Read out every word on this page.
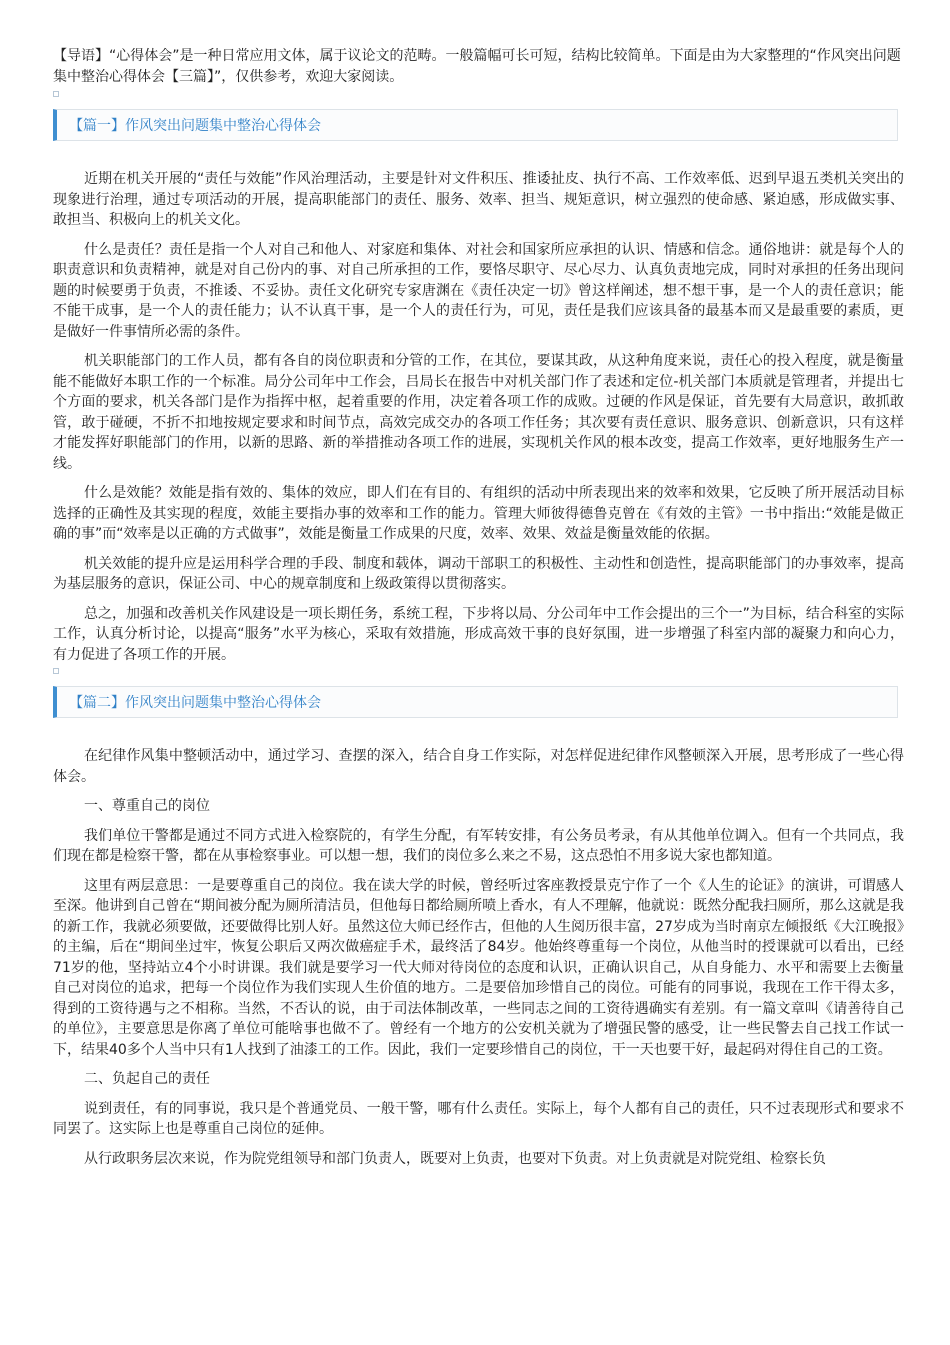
【导语】“心得体会”是一种日常应用文体，属于议论文的范畴。一般篇幅可长可短，结构比较简单。下面是由为大家整理的“作风突出问题集中整治心得体会【三篇】”，仅供参考，欢迎大家阅读。

【篇一】作风突出问题集中整治心得体会

近期在机关开展的“责任与效能”作风治理活动，主要是针对文件积压、推诿扯皮、执行不高、工作效率低、迟到早退五类机关突出的现象进行治理，通过专项活动的开展，提高职能部门的责任、服务、效率、担当、规矩意识，树立强烈的使命感、紧迫感，形成做实事、敢担当、积极向上的机关文化。

什么是责任？责任是指一个人对自己和他人、对家庭和集体、对社会和国家所应承担的认识、情感和信念。通俗地讲：就是每个人的职责意识和负责精神，就是对自己份内的事、对自己所承担的工作，要恪尽职守、尽心尽力、认真负责地完成，同时对承担的任务出现问题的时候要勇于负责，不推诿、不妥协。责任文化研究专家唐渊在《责任决定一切》曾这样阐述，想不想干事，是一个人的责任意识；能不能干成事，是一个人的责任能力；认不认真干事，是一个人的责任行为，可见，责任是我们应该具备的最基本而又是最重要的素质，更是做好一件事情所必需的条件。

机关职能部门的工作人员，都有各自的岗位职责和分管的工作，在其位，要谋其政，从这种角度来说，责任心的投入程度，就是衡量能不能做好本职工作的一个标准。局分公司年中工作会，吕局长在报告中对机关部门作了表述和定位-机关部门本质就是管理者，并提出七个方面的要求，机关各部门是作为指挥中枢，起着重要的作用，决定着各项工作的成败。过硬的作风是保证，首先要有大局意识，敢抓敢管，敢于碰硬，不折不扣地按规定要求和时间节点，高效完成交办的各项工作任务；其次要有责任意识、服务意识、创新意识，只有这样才能发挥好职能部门的作用，以新的思路、新的举措推动各项工作的进展，实现机关作风的根本改变，提高工作效率，更好地服务生产一线。

什么是效能？效能是指有效的、集体的效应，即人们在有目的、有组织的活动中所表现出来的效率和效果，它反映了所开展活动目标选择的正确性及其实现的程度，效能主要指办事的效率和工作的能力。管理大师彼得德鲁克曾在《有效的主管》一书中指出:“效能是做正确的事”而“效率是以正确的方式做事”，效能是衡量工作成果的尺度，效率、效果、效益是衡量效能的依据。

机关效能的提升应是运用科学合理的手段、制度和载体，调动干部职工的积极性、主动性和创造性，提高职能部门的办事效率，提高为基层服务的意识，保证公司、中心的规章制度和上级政策得以贯彻落实。

总之，加强和改善机关作风建设是一项长期任务，系统工程，下步将以局、分公司年中工作会提出的三个一”为目标，结合科室的实际工作，认真分析讨论，以提高“服务”水平为核心，采取有效措施，形成高效干事的良好氛围，进一步增强了科室内部的凝聚力和向心力，有力促进了各项工作的开展。

【篇二】作风突出问题集中整治心得体会

在纪律作风集中整顿活动中，通过学习、查摆的深入，结合自身工作实际，对怎样促进纪律作风整顿深入开展，思考形成了一些心得体会。

一、尊重自己的岗位

我们单位干警都是通过不同方式进入检察院的，有学生分配，有军转安排，有公务员考录，有从其他单位调入。但有一个共同点，我们现在都是检察干警，都在从事检察事业。可以想一想，我们的岗位多么来之不易，这点恐怕不用多说大家也都知道。

这里有两层意思：一是要尊重自己的岗位。我在读大学的时候，曾经听过客座教授景克宁作了一个《人生的论证》的演讲，可谓感人至深。他讲到自己曾在“期间被分配为厕所清洁员，但他每日都给厕所喷上香水，有人不理解，他就说：既然分配我扫厕所，那么这就是我的新工作，我就必须要做，还要做得比别人好。虽然这位大师已经作古，但他的人生阅历很丰富，27岁成为当时南京左倾报纸《大江晚报》的主编，后在“期间坐过牢，恢复公职后又两次做癌症手术，最终活了84岁。他始终尊重每一个岗位，从他当时的授课就可以看出，已经71岁的他，坚持站立4个小时讲课。我们就是要学习一代大师对待岗位的态度和认识，正确认识自己，从自身能力、水平和需要上去衡量自己对岗位的追求，把每一个岗位作为我们实现人生价值的地方。二是要倍加珍惜自己的岗位。可能有的同事说，我现在工作干得太多，得到的工资待遇与之不相称。当然，不否认的说，由于司法体制改革，一些同志之间的工资待遇确实有差别。有一篇文章叫《请善待自己的单位》，主要意思是你离了单位可能啥事也做不了。曾经有一个地方的公安机关就为了增强民警的感受，让一些民警去自己找工作试一下，结果40多个人当中只有1人找到了油漆工的工作。因此，我们一定要珍惜自己的岗位，干一天也要干好，最起码对得住自己的工资。

二、负起自己的责任

说到责任，有的同事说，我只是个普通党员、一般干警，哪有什么责任。实际上，每个人都有自己的责任，只不过表现形式和要求不同罢了。这实际上也是尊重自己岗位的延伸。

从行政职务层次来说，作为院党组领导和部门负责人，既要对上负责，也要对下负责。对上负责就是对院党组、检察长负
